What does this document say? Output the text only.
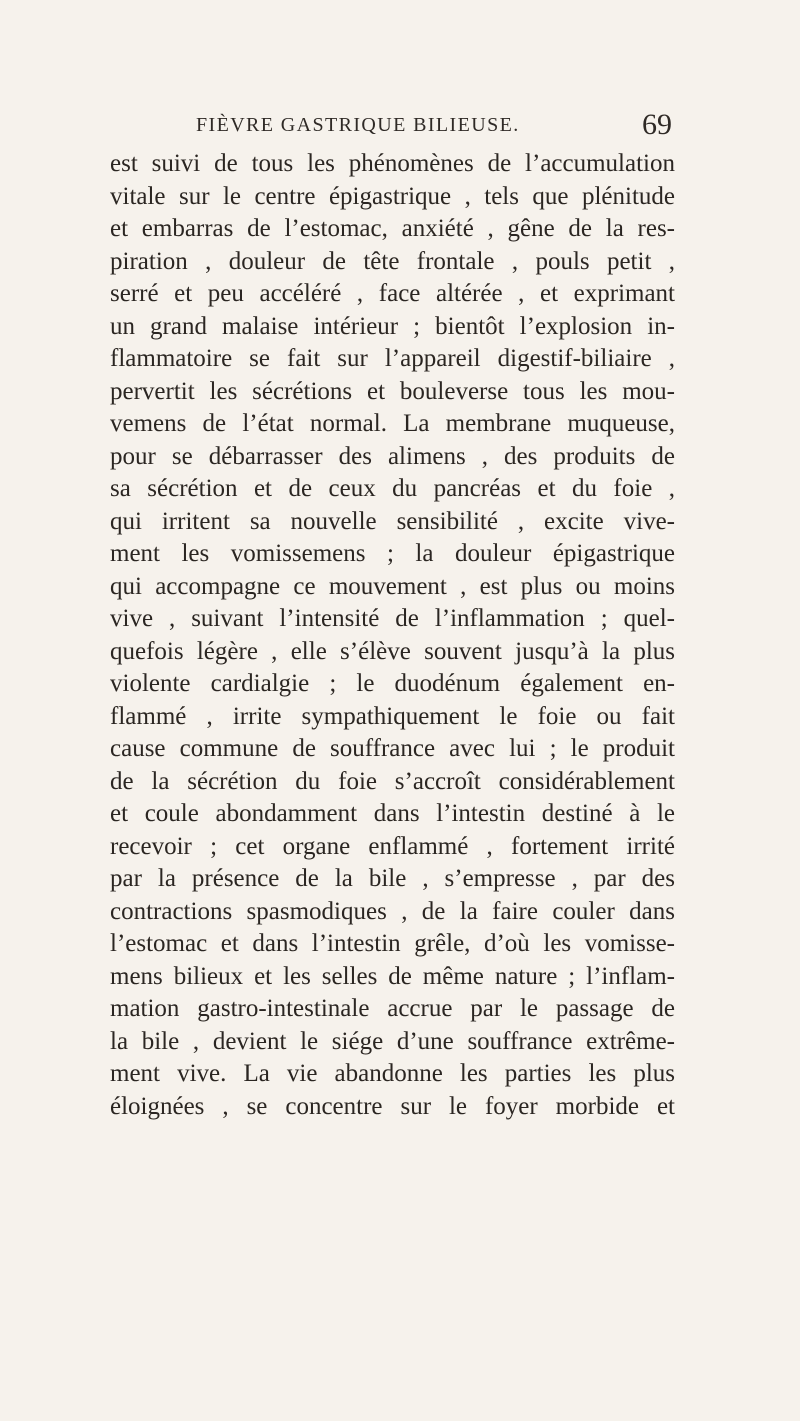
FIÈVRE GASTRIQUE BILIEUSE.	69
est suivi de tous les phénomènes de l’accumulation
vitale sur le centre épigastrique , tels que plénitude
et embarras de l’estomac, anxiété , gêne de la res-
piration , douleur de tête frontale , pouls petit ,
serré et peu accéléré , face altérée , et exprimant
un grand malaise intérieur ; bientôt l’explosion in-
flammatoire se fait sur l’appareil digestif-biliaire ,
pervertit les sécrétions et bouleverse tous les mou-
vemens de l’état normal. La membrane muqueuse,
pour se débarrasser des alimens , des produits de
sa sécrétion et de ceux du pancréas et du foie ,
qui irritent sa nouvelle sensibilité , excite vive-
ment les vomissemens ; la douleur épigastrique
qui accompagne ce mouvement , est plus ou moins
vive , suivant l’intensité de l’inflammation ; quel-
quefois légère , elle s’élève souvent jusqu’à la plus
violente cardialgie ; le duodénum également en-
flammé , irrite sympathiquement le foie ou fait
cause commune de souffrance avec lui ; le produit
de la sécrétion du foie s’accroît considérablement
et coule abondamment dans l’intestin destiné à le
recevoir ; cet organe enflammé , fortement irrité
par la présence de la bile , s’empresse , par des
contractions spasmodiques , de la faire couler dans
l’estomac et dans l’intestin grêle, d’où les vomisse-
mens bilieux et les selles de même nature ; l’inflam-
mation gastro-intestinale accrue par le passage de
la bile , devient le siége d’une souffrance extrême-
ment vive. La vie abandonne les parties les plus
éloignées , se concentre sur le foyer morbide et
